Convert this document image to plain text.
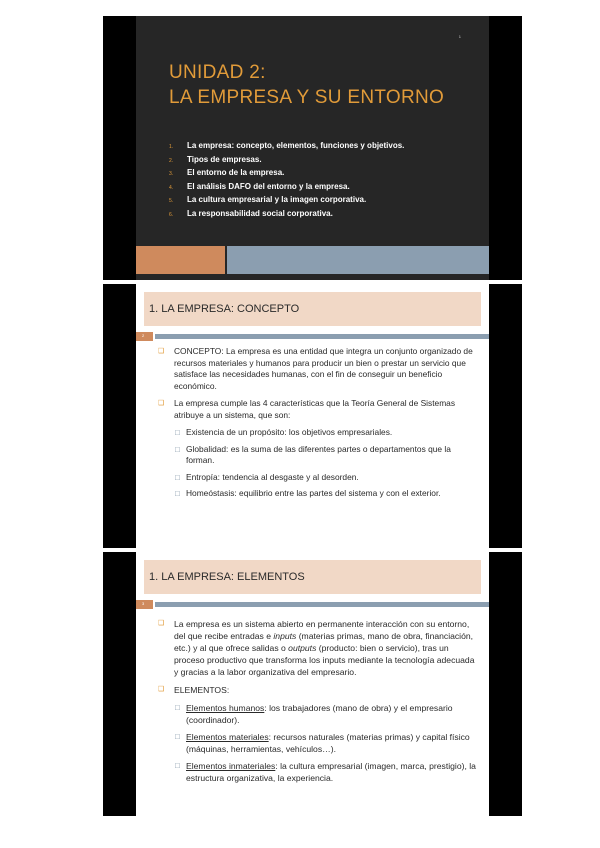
1
UNIDAD 2:
LA EMPRESA Y SU ENTORNO
1. La empresa: concepto, elementos, funciones y objetivos.
2. Tipos de empresas.
3. El entorno de la empresa.
4. El análisis DAFO del entorno y la empresa.
5. La cultura empresarial y la imagen corporativa.
6. La responsabilidad social corporativa.
1. LA EMPRESA: CONCEPTO
2
❑ CONCEPTO: La empresa es una entidad que integra un conjunto organizado de recursos materiales y humanos para producir un bien o prestar un servicio que satisface las necesidades humanas, con el fin de conseguir un beneficio económico.
❑ La empresa cumple las 4 características que la Teoría General de Sistemas atribuye a un sistema, que son:
□ Existencia de un propósito: los objetivos empresariales.
□ Globalidad: es la suma de las diferentes partes o departamentos que la forman.
□ Entropía: tendencia al desgaste y al desorden.
□ Homeóstasis: equilibrio entre las partes del sistema y con el exterior.
1. LA EMPRESA: ELEMENTOS
3
❑ La empresa es un sistema abierto en permanente interacción con su entorno, del que recibe entradas e inputs (materias primas, mano de obra, financiación, etc.) y al que ofrece salidas o outputs (producto: bien o servicio), tras un proceso productivo que transforma los inputs mediante la tecnología adecuada y gracias a la labor organizativa del empresario.
❑ ELEMENTOS:
□ Elementos humanos: los trabajadores (mano de obra) y el empresario (coordinador).
□ Elementos materiales: recursos naturales (materias primas) y capital físico (máquinas, herramientas, vehículos…).
□ Elementos inmateriales: la cultura empresarial (imagen, marca, prestigio), la estructura organizativa, la experiencia.
